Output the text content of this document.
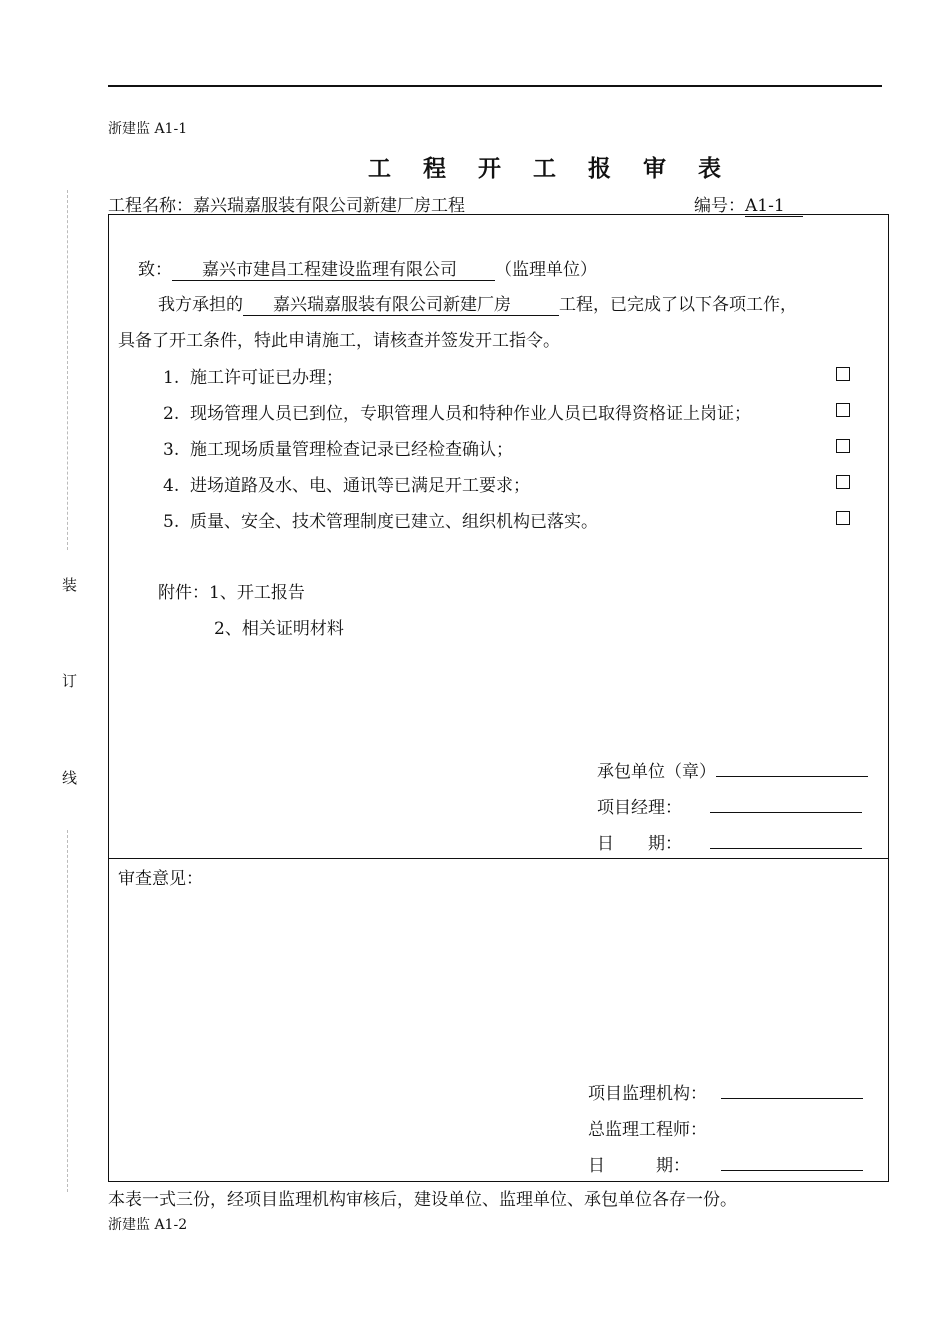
浙建监 A1-1
工 程 开 工 报 审 表
工程名称：嘉兴瑞嘉服装有限公司新建厂房工程	编号：A1-1
装
订
线
致： 嘉兴市建昌工程建设监理有限公司 （监理单位）
我方承担的 嘉兴瑞嘉服装有限公司新建厂房	工程，已完成了以下各项工作，
具备了开工条件，特此申请施工，请核查并签发开工指令。
1. 施工许可证已办理；
2. 现场管理人员已到位，专职管理人员和特种作业人员已取得资格证上岗证；
3. 施工现场质量管理检查记录已经检查确认；
4. 进场道路及水、电、通讯等已满足开工要求；
5. 质量、安全、技术管理制度已建立、组织机构已落实。
附件：1、开工报告
2、相关证明材料
承包单位（章）
项目经理：
日　　期：
审查意见：
项目监理机构：
总监理工程师：
日　　　期：
本表一式三份，经项目监理机构审核后，建设单位、监理单位、承包单位各存一份。
浙建监 A1-2
